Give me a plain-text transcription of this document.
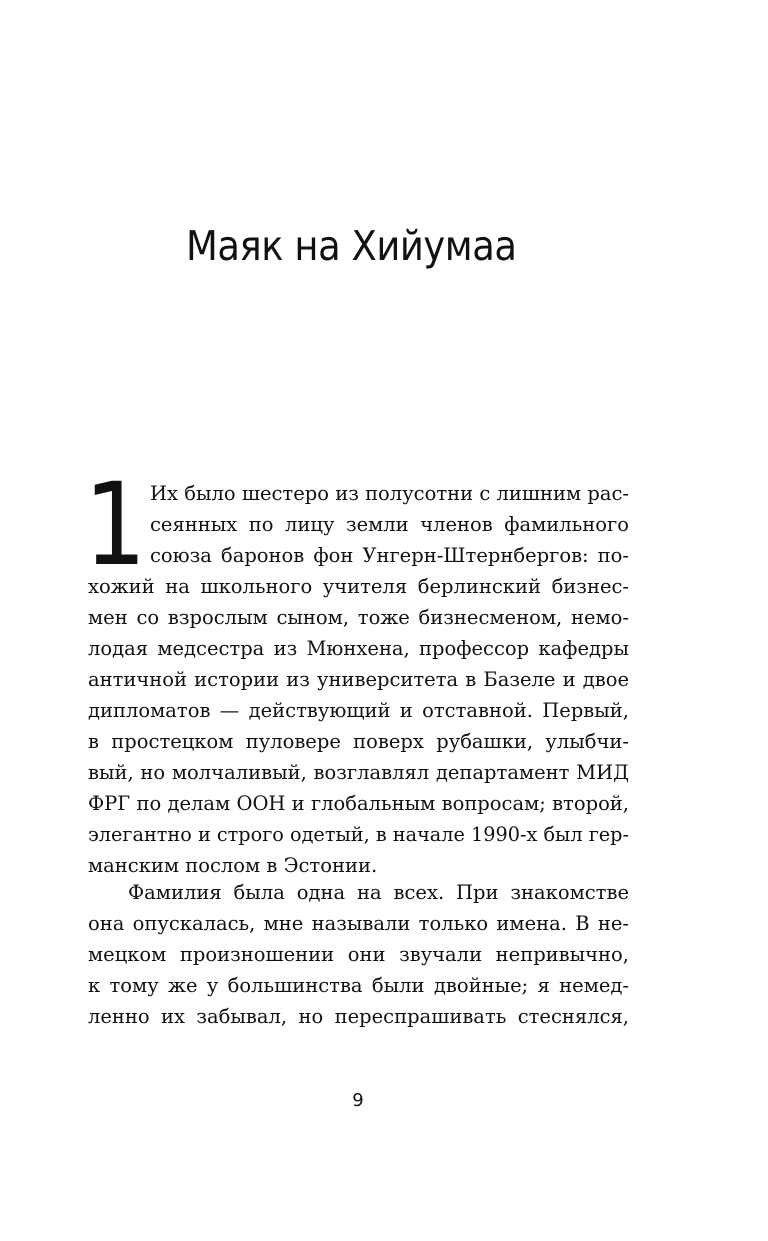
Маяк на Хийумаа
1 Их было шестеро из полусотни с лишним рас-
сеянных по лицу земли членов фамильного
союза баронов фон Унгерн-Штернбергов: по-
хожий на школьного учителя берлинский бизнес-
мен со взрослым сыном, тоже бизнесменом, немо-
лодая медсестра из Мюнхена, профессор кафедры
античной истории из университета в Базеле и двое
дипломатов — действующий и отставной. Первый,
в простецком пуловере поверх рубашки, улыбчи-
вый, но молчаливый, возглавлял департамент МИД
ФРГ по делам ООН и глобальным вопросам; второй,
элегантно и строго одетый, в начале 1990-х был гер-
манским послом в Эстонии.
Фамилия была одна на всех. При знакомстве
она опускалась, мне называли только имена. В не-
мецком произношении они звучали непривычно,
к тому же у большинства были двойные; я немед-
ленно их забывал, но переспрашивать стеснялся,
9
